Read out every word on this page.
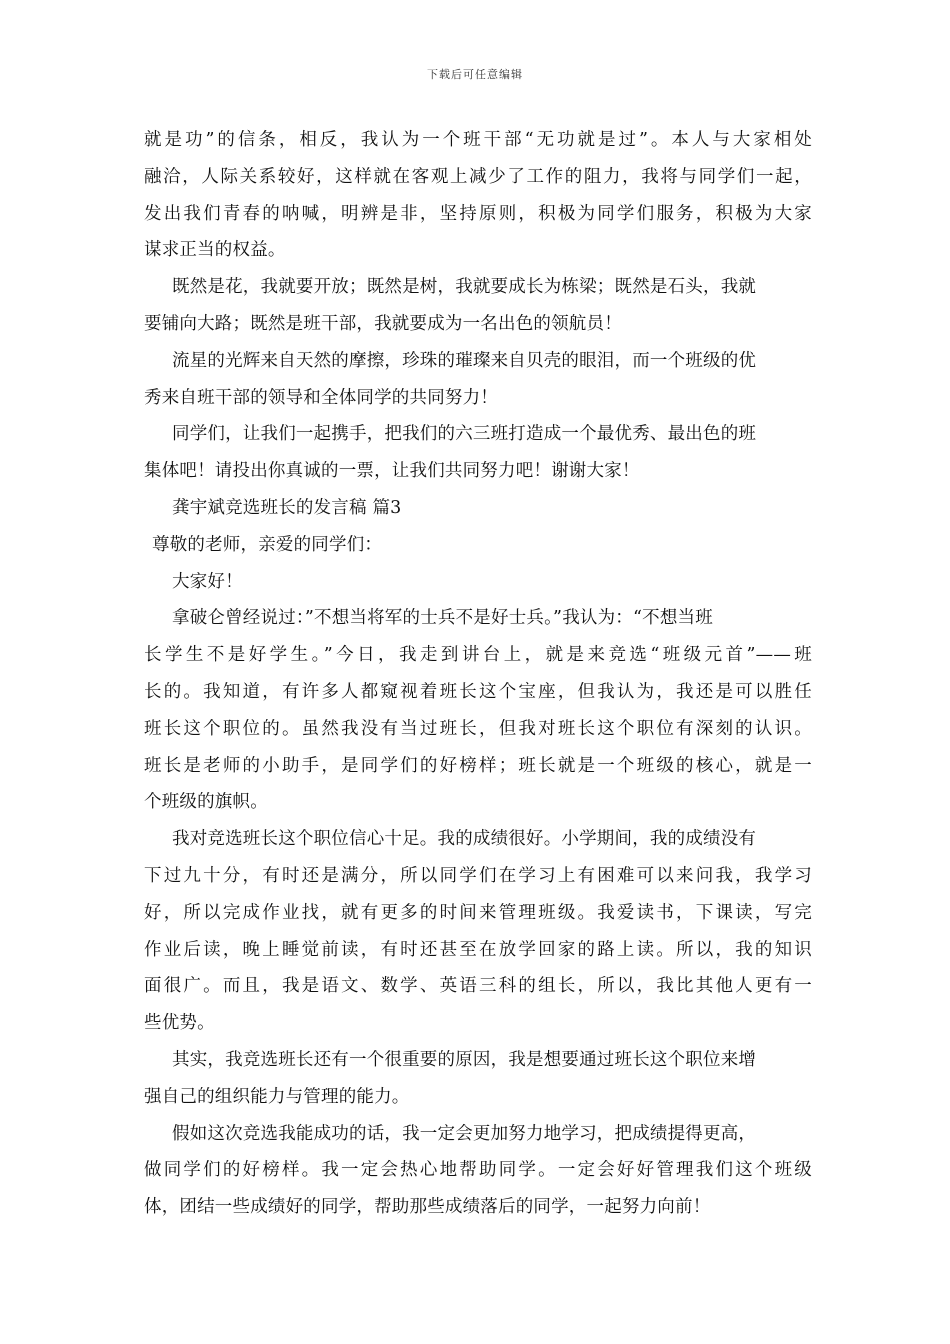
下载后可任意编辑
就是功”的信条，相反，我认为一个班干部“无功就是过”。本人与大家相处
融洽，人际关系较好，这样就在客观上减少了工作的阻力，我将与同学们一起，
发出我们青春的呐喊，明辨是非，坚持原则，积极为同学们服务，积极为大家
谋求正当的权益。
既然是花，我就要开放；既然是树，我就要成长为栋梁；既然是石头，我就
要铺向大路；既然是班干部，我就要成为一名出色的领航员！
流星的光辉来自天然的摩擦，珍珠的璀璨来自贝壳的眼泪，而一个班级的优
秀来自班干部的领导和全体同学的共同努力！
同学们，让我们一起携手，把我们的六三班打造成一个最优秀、最出色的班
集体吧！请投出你真诚的一票，让我们共同努力吧！谢谢大家！
龚宇斌竞选班长的发言稿 篇3
尊敬的老师，亲爱的同学们：
大家好！
拿破仑曾经说过：”不想当将军的士兵不是好士兵。”我认为：“不想当班
长学生不是好学生。”今日，我走到讲台上，就是来竞选“班级元首”——班
长的。我知道，有许多人都窥视着班长这个宝座，但我认为，我还是可以胜任
班长这个职位的。虽然我没有当过班长，但我对班长这个职位有深刻的认识。
班长是老师的小助手，是同学们的好榜样；班长就是一个班级的核心，就是一
个班级的旗帜。
我对竞选班长这个职位信心十足。我的成绩很好。小学期间，我的成绩没有
下过九十分，有时还是满分，所以同学们在学习上有困难可以来问我，我学习
好，所以完成作业找，就有更多的时间来管理班级。我爱读书，下课读，写完
作业后读，晚上睡觉前读，有时还甚至在放学回家的路上读。所以，我的知识
面很广。而且，我是语文、数学、英语三科的组长，所以，我比其他人更有一
些优势。
其实，我竞选班长还有一个很重要的原因，我是想要通过班长这个职位来增
强自己的组织能力与管理的能力。
假如这次竞选我能成功的话，我一定会更加努力地学习，把成绩提得更高，
做同学们的好榜样。我一定会热心地帮助同学。一定会好好管理我们这个班级
体，团结一些成绩好的同学，帮助那些成绩落后的同学，一起努力向前！
